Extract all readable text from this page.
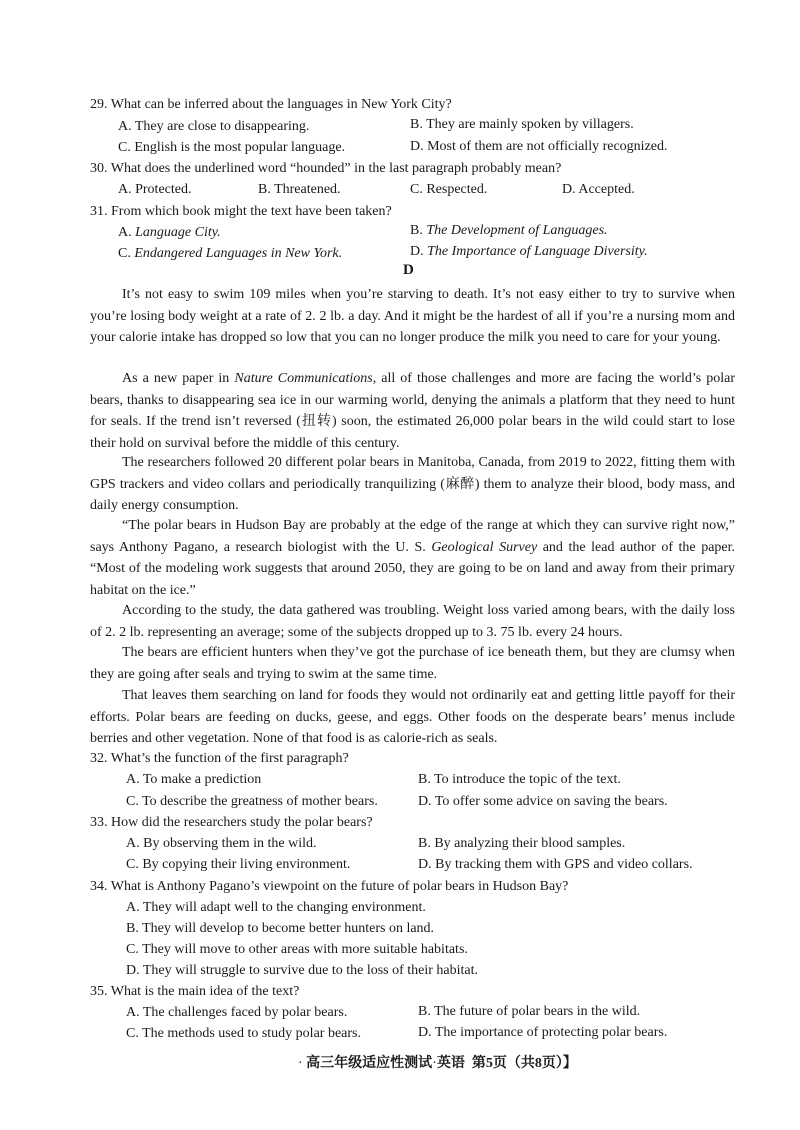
29. What can be inferred about the languages in New York City?
A. They are close to disappearing.	B. They are mainly spoken by villagers.
C. English is the most popular language.	D. Most of them are not officially recognized.
30. What does the underlined word “hounded” in the last paragraph probably mean?
A. Protected.	B. Threatened.	C. Respected.	D. Accepted.
31. From which book might the text have been taken?
A. Language City.	B. The Development of Languages.
C. Endangered Languages in New York.	D. The Importance of Language Diversity.
D

It’s not easy to swim 109 miles when you’re starving to death. It’s not easy either to try to survive when you’re losing body weight at a rate of 2. 2 lb. a day. And it might be the hardest of all if you’re a nursing mom and your calorie intake has dropped so low that you can no longer produce the milk you need to care for your young.

As a new paper in Nature Communications, all of those challenges and more are facing the world’s polar bears, thanks to disappearing sea ice in our warming world, denying the animals a platform that they need to hunt for seals. If the trend isn’t reversed (扭转) soon, the estimated 26,000 polar bears in the wild could start to lose their hold on survival before the middle of this century.

The researchers followed 20 different polar bears in Manitoba, Canada, from 2019 to 2022, fitting them with GPS trackers and video collars and periodically tranquilizing (麻醉) them to analyze their blood, body mass, and daily energy consumption.

“The polar bears in Hudson Bay are probably at the edge of the range at which they can survive right now,” says Anthony Pagano, a research biologist with the U. S. Geological Survey and the lead author of the paper. “Most of the modeling work suggests that around 2050, they are going to be on land and away from their primary habitat on the ice.”

According to the study, the data gathered was troubling. Weight loss varied among bears, with the daily loss of 2. 2 lb. representing an average; some of the subjects dropped up to 3. 75 lb. every 24 hours.

The bears are efficient hunters when they’ve got the purchase of ice beneath them, but they are clumsy when they are going after seals and trying to swim at the same time.

That leaves them searching on land for foods they would not ordinarily eat and getting little payoff for their efforts. Polar bears are feeding on ducks, geese, and eggs. Other foods on the desperate bears’ menus include berries and other vegetation. None of that food is as calorie-rich as seals.

32. What’s the function of the first paragraph?
A. To make a prediction	B. To introduce the topic of the text.
C. To describe the greatness of mother bears.	D. To offer some advice on saving the bears.
33. How did the researchers study the polar bears?
A. By observing them in the wild.	B. By analyzing their blood samples.
C. By copying their living environment.	D. By tracking them with GPS and video collars.
34. What is Anthony Pagano’s viewpoint on the future of polar bears in Hudson Bay?
A. They will adapt well to the changing environment.
B. They will develop to become better hunters on land.
C. They will move to other areas with more suitable habitats.
D. They will struggle to survive due to the loss of their habitat.
35. What is the main idea of the text?
A. The challenges faced by polar bears.	B. The future of polar bears in the wild.
C. The methods used to study polar bears.	D. The importance of protecting polar bears.
· 高三年级适应性测试·英语 第5页（共8页）】
